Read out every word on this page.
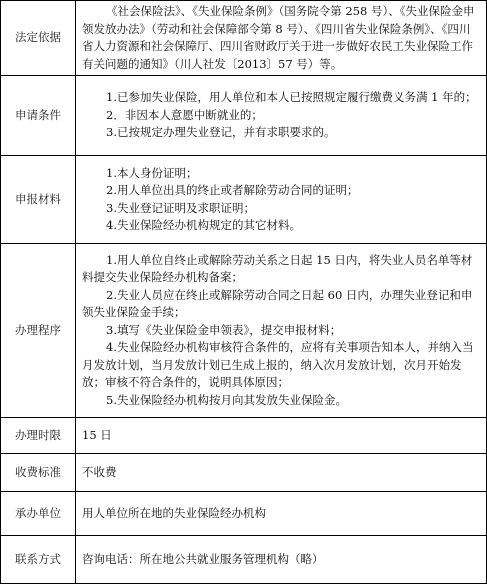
法定依据	《社会保险法》、《失业保险条例》（国务院令第 258 号）、《失业保险金申领发放办法》（劳动和社会保障部令第 8 号）、《四川省失业保险条例》、《四川省人力资源和社会保障厅、四川省财政厅关于进一步做好农民工失业保险工作有关问题的通知》（川人社发〔2013〕57 号）等。

申请条件	1.已参加失业保险，用人单位和本人已按照规定履行缴费义务满 1 年的；
2．非因本人意愿中断就业的；
3.已按规定办理失业登记，并有求职要求的。

申报材料	1.本人身份证明；
2.用人单位出具的终止或者解除劳动合同的证明；
3.失业登记证明及求职证明；
4.失业保险经办机构规定的其它材料。

办理程序	1.用人单位自终止或解除劳动关系之日起 15 日内，将失业人员名单等材料提交失业保险经办机构备案；
2.失业人员应在终止或解除劳动合同之日起 60 日内，办理失业登记和申领失业保险金手续；
3.填写《失业保险金申领表》，提交申报材料；
4.失业保险经办机构审核符合条件的，应将有关事项告知本人，并纳入当月发放计划，当月发放计划已生成上报的，纳入次月发放计划，次月开始发放；审核不符合条件的，说明具体原因；
5.失业保险经办机构按月向其发放失业保险金。

办理时限	15 日

收费标准	不收费

承办单位	用人单位所在地的失业保险经办机构

联系方式	咨询电话：所在地公共就业服务管理机构（略）
